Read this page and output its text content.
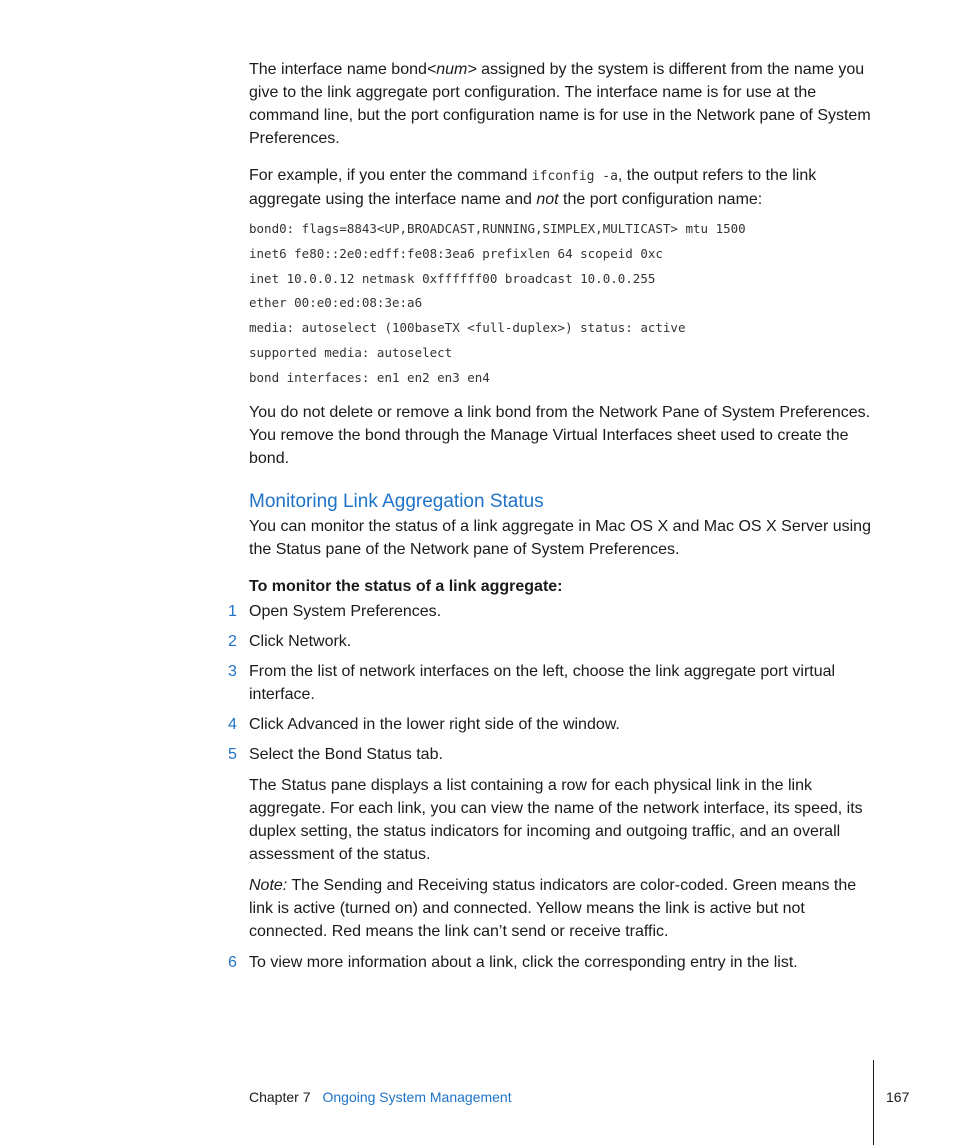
The interface name bond<num> assigned by the system is different from the name you give to the link aggregate port configuration. The interface name is for use at the command line, but the port configuration name is for use in the Network pane of System Preferences.

For example, if you enter the command ifconfig -a, the output refers to the link aggregate using the interface name and not the port configuration name:

bond0: flags=8843<UP,BROADCAST,RUNNING,SIMPLEX,MULTICAST> mtu 1500
inet6 fe80::2e0:edff:fe08:3ea6 prefixlen 64 scopeid 0xc
inet 10.0.0.12 netmask 0xffffff00 broadcast 10.0.0.255
ether 00:e0:ed:08:3e:a6
media: autoselect (100baseTX <full-duplex>) status: active
supported media: autoselect
bond interfaces: en1 en2 en3 en4

You do not delete or remove a link bond from the Network Pane of System Preferences. You remove the bond through the Manage Virtual Interfaces sheet used to create the bond.

Monitoring Link Aggregation Status

You can monitor the status of a link aggregate in Mac OS X and Mac OS X Server using the Status pane of the Network pane of System Preferences.

To monitor the status of a link aggregate:

1 Open System Preferences.
2 Click Network.
3 From the list of network interfaces on the left, choose the link aggregate port virtual interface.
4 Click Advanced in the lower right side of the window.
5 Select the Bond Status tab.

The Status pane displays a list containing a row for each physical link in the link aggregate. For each link, you can view the name of the network interface, its speed, its duplex setting, the status indicators for incoming and outgoing traffic, and an overall assessment of the status.

Note: The Sending and Receiving status indicators are color-coded. Green means the link is active (turned on) and connected. Yellow means the link is active but not connected. Red means the link can’t send or receive traffic.

6 To view more information about a link, click the corresponding entry in the list.
Chapter 7 Ongoing System Management	167
